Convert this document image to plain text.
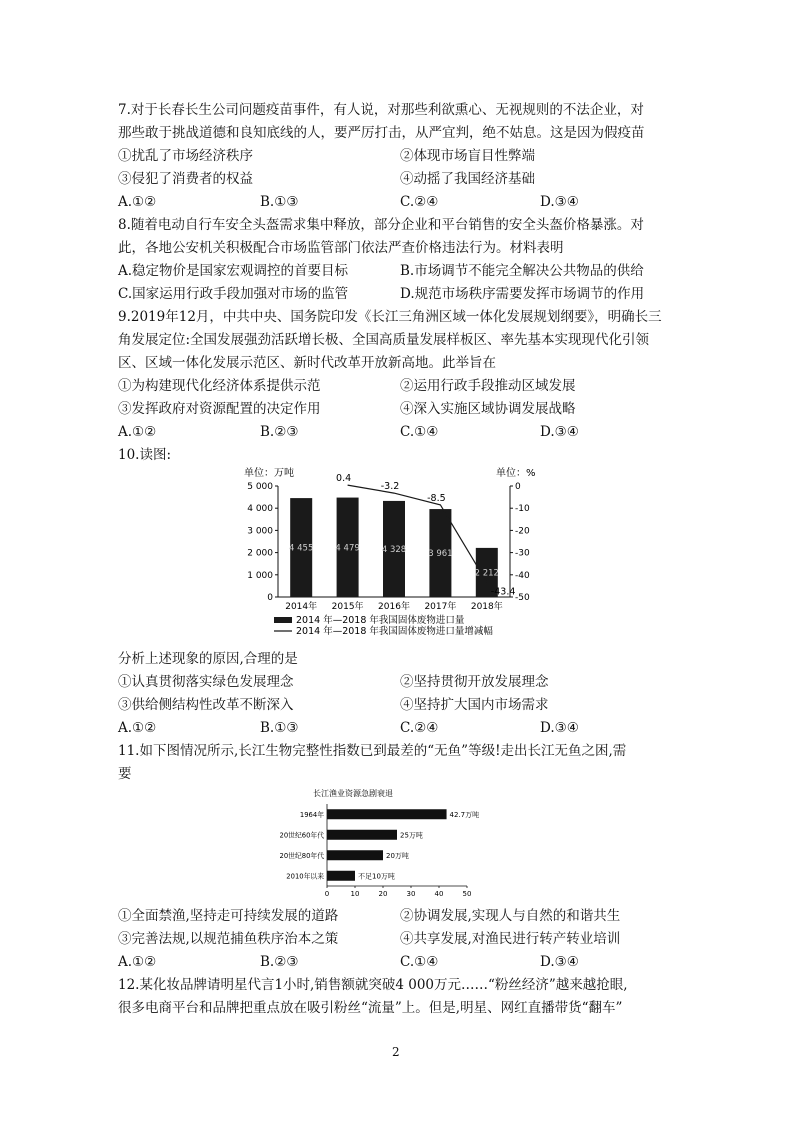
7.对于长春长生公司问题疫苗事件，有人说，对那些利欲熏心、无视规则的不法企业，对
那些敢于挑战道德和良知底线的人，要严厉打击，从严宜判，绝不姑息。这是因为假疫苗
①扰乱了市场经济秩序	②体现市场盲目性弊端
③侵犯了消费者的权益	④动摇了我国经济基础
A.①②	B.①③	C.②④	D.③④
8.随着电动自行车安全头盔需求集中释放，部分企业和平台销售的安全头盔价格暴涨。对
此，各地公安机关积极配合市场监管部门依法严查价格违法行为。材料表明
A.稳定物价是国家宏观调控的首要目标	B.市场调节不能完全解决公共物品的供给
C.国家运用行政手段加强对市场的监管	D.规范市场秩序需要发挥市场调节的作用
9.2019年12月，中共中央、国务院印发《长江三角洲区域一体化发展规划纲要》，明确长三
角发展定位:全国发展强劲活跃增长极、全国高质量发展样板区、率先基本实现现代化引领
区、区域一体化发展示范区、新时代改革开放新高地。此举旨在
①为构建现代化经济体系提供示范	②运用行政手段推动区域发展
③发挥政府对资源配置的决定作用	④深入实施区域协调发展战略
A.①②	B.②③	C.①④	D.③④
10.读图:
单位：万吨	单位：%
0
1 000
2 000
3 000
4 000
5 000	0
-10
-20
-30
-40
-50
4 455
2014年
4 479
2015年
4 328
2016年
3 961
2017年
2 212
2018年
0.4
-3.2
-8.5
-43.4
2014 年—2018 年我国固体废物进口量
2014 年—2018 年我国固体废物进口量增减幅
分析上述现象的原因,合理的是
①认真贯彻落实绿色发展理念	②坚持贯彻开放发展理念
③供给侧结构性改革不断深入	④坚持扩大国内市场需求
A.①②	B.①③	C.②④	D.③④
11.如下图情况所示,长江生物完整性指数已到最差的“无鱼”等级!走出长江无鱼之困,需
要
长江渔业资源急剧衰退
0	10	20	30	40	50
1964年	42.7万吨
20世纪60年代	25万吨
20世纪80年代	20万吨
2010年以来	不足10万吨
①全面禁渔,坚持走可持续发展的道路	②协调发展,实现人与自然的和谐共生
③完善法规,以规范捕鱼秩序治本之策	④共享发展,对渔民进行转产转业培训
A.①②	B.②③	C.①④	D.③④
12.某化妆品牌请明星代言1小时,销售额就突破4 000万元……“粉丝经济”越来越抢眼,
很多电商平台和品牌把重点放在吸引粉丝“流量”上。但是,明星、网红直播带货“翻车”
2
